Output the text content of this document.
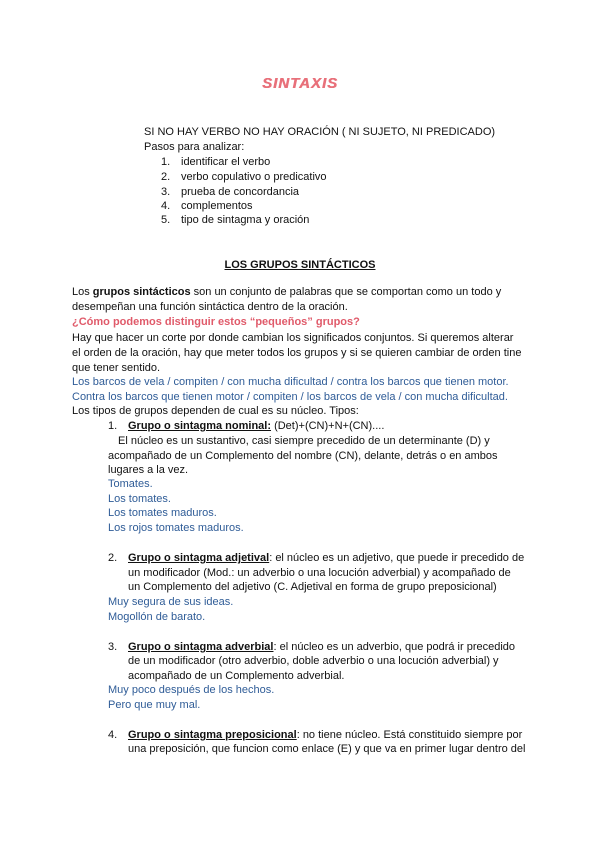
SINTAXIS
SI NO HAY VERBO NO HAY ORACIÓN ( NI SUJETO, NI PREDICADO)
Pasos para analizar:
1. identificar el verbo
2. verbo copulativo o predicativo
3. prueba de concordancia
4. complementos
5. tipo de sintagma y oración
LOS GRUPOS SINTÁCTICOS
Los grupos sintácticos son un conjunto de palabras que se comportan como un todo y
desempeñan una función sintáctica dentro de la oración.
¿Cómo podemos distinguir estos “pequeños” grupos?
Hay que hacer un corte por donde cambian los significados conjuntos. Si queremos alterar
el orden de la oración, hay que meter todos los grupos y si se quieren cambiar de orden tine
que tener sentido.
Los barcos de vela / compiten / con mucha dificultad / contra los barcos que tienen motor.
Contra los barcos que tienen motor / compiten / los barcos de vela / con mucha dificultad.
Los tipos de grupos dependen de cual es su núcleo. Tipos:
1. Grupo o sintagma nominal: (Det)+(CN)+N+(CN)....
El núcleo es un sustantivo, casi siempre precedido de un determinante (D) y
acompañado de un Complemento del nombre (CN), delante, detrás o en ambos
lugares a la vez.
Tomates.
Los tomates.
Los tomates maduros.
Los rojos tomates maduros.
2. Grupo o sintagma adjetival: el núcleo es un adjetivo, que puede ir precedido de
un modificador (Mod.: un adverbio o una locución adverbial) y acompañado de
un Complemento del adjetivo (C. Adjetival en forma de grupo preposicional)
Muy segura de sus ideas.
Mogollón de barato.
3. Grupo o sintagma adverbial: el núcleo es un adverbio, que podrá ir precedido
de un modificador (otro adverbio, doble adverbio o una locución adverbial) y
acompañado de un Complemento adverbial.
Muy poco después de los hechos.
Pero que muy mal.
4. Grupo o sintagma preposicional: no tiene núcleo. Está constituido siempre por
una preposición, que funcion como enlace (E) y que va en primer lugar dentro del
